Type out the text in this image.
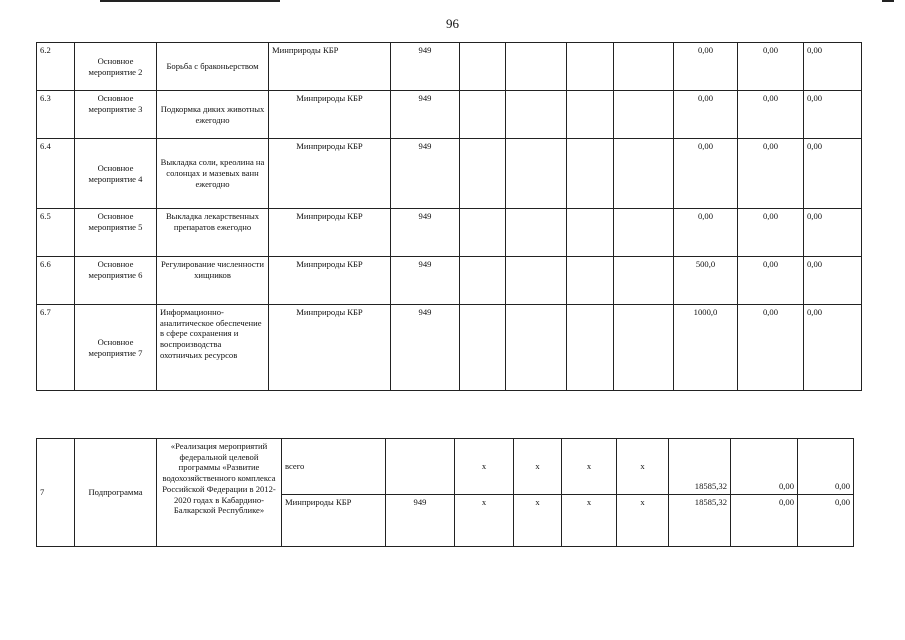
96
6.2	Основное мероприятие 2	Борьба с браконьерством	Минприроды КБР	949					0,00	0,00	0,00
6.3	Основное мероприятие 3	Подкормка диких животных ежегодно	Минприроды КБР	949					0,00	0,00	0,00
6.4	Основное мероприятие 4	Выкладка соли, креолина на солонцах и мазевых ванн ежегодно	Минприроды КБР	949					0,00	0,00	0,00
6.5	Основное мероприятие 5	Выкладка лекарственных препаратов ежегодно	Минприроды КБР	949					0,00	0,00	0,00
6.6	Основное мероприятие 6	Регулирование численности хищников	Минприроды КБР	949					500,0	0,00	0,00
6.7	Основное мероприятие 7	Информационно-аналитическое обеспечение в сфере сохранения и воспроизводства охотничьих ресурсов	Минприроды КБР	949					1000,0	0,00	0,00
7	Подпрограмма	«Реализация мероприятий федеральной целевой программы «Развитие водохозяйственного комплекса Российской Федерации в 2012-2020 годах в Кабардино-Балкарской Республике»	всего		х	х	х	х	18585,32	0,00	0,00
			Минприроды КБР	949	х	х	х	х	18585,32	0,00	0,00
